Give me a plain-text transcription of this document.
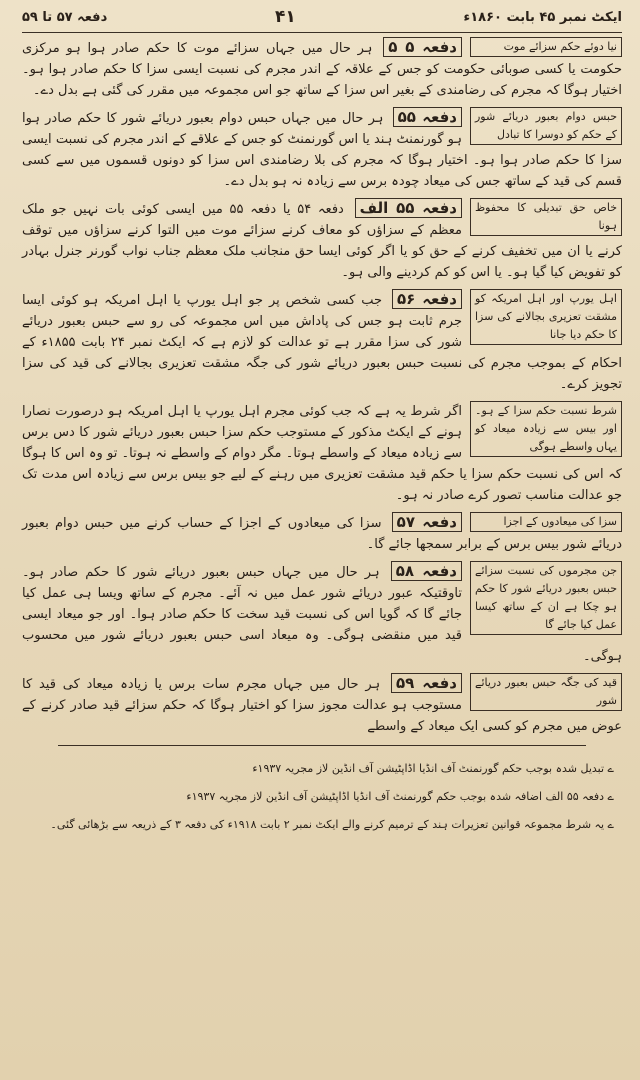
دفعہ ۵۷ تا ۵۹	۴۱	ایکٹ نمبر ۴۵ بابت ۱۸۶۰ء
نیا دوئے حکم سزائے موت
دفعہ ۵ ۵ ہر حال میں جہاں سزائے موت کا حکم صادر ہوا ہو مرکزی حکومت یا کسی صوبائی حکومت کو جس کے علاقہ کے اندر مجرم کی نسبت ایسی سزا کا حکم صادر ہوا ہو۔ اختیار ہوگا کہ مجرم کی رضامندی کے بغیر اس سزا کے ساتھ جو اس مجموعہ میں مقرر کی گئی ہے بدل دے۔
حبس دوام بعبور دریائے شور کے حکم کو دوسرا کا تبادل
دفعہ ۵۵ ہر حال میں جہاں حبس دوام بعبور دریائے شور کا حکم صادر ہوا ہو گورنمنٹ ہند یا اس گورنمنٹ کو جس کے علاقے کے اندر مجرم کی نسبت ایسی سزا کا حکم صادر ہوا ہو۔ اختیار ہوگا کہ مجرم کی بلا رضامندی اس سزا کو دونوں قسموں میں سے کسی قسم کی قید کے ساتھ جس کی میعاد چودہ برس سے زیادہ نہ ہو بدل دے۔
خاص حق تبدیلی کا محفوظ ہونا
دفعہ ۵۵ الف دفعہ ۵۴ یا دفعہ ۵۵ میں ایسی کوئی بات نہیں جو ملک معظم کے سزاؤں کو معاف کرنے سزائے موت میں التوا کرنے سزاؤں میں توقف کرنے یا ان میں تخفیف کرنے کے حق کو یا اگر کوئی ایسا حق منجانب ملک معظم جناب نواب گورنر جنرل بہادر کو تفویض کیا گیا ہو۔ یا اس کو کم کردینے والی ہو۔
اہل یورپ اور اہل امریکہ کو مشقت تعزیری بجالانے کی سزا کا حکم دیا جانا
دفعہ ۵۶ جب کسی شخص پر جو اہل یورپ یا اہل امریکہ ہو کوئی ایسا جرم ثابت ہو جس کی پاداش میں اس مجموعہ کی رو سے حبس بعبور دریائے شور کی سزا مقرر ہے تو عدالت کو لازم ہے کہ ایکٹ نمبر ۲۴ بابت ۱۸۵۵ء کے احکام کے بموجب مجرم کی نسبت حبس بعبور دریائے شور کی جگہ مشقت تعزیری بجالانے کی قید کی سزا تجویز کرے۔
شرط نسبت حکم سزا کے ہو۔ اور بیس سے زیادہ میعاد کو یہاں واسطے ہوگی
اگر شرط یہ ہے کہ جب کوئی مجرم اہل یورپ یا اہل امریکہ ہو درصورت نصارا ہونے کے ایکٹ مذکور کے مستوجب حکم سزا حبس بعبور دریائے شور کا دس برس سے زیادہ میعاد کے واسطے ہوتا۔ مگر دوام کے واسطے نہ ہوتا۔ تو وہ اس کا ہوگا کہ اس کی نسبت حکم سزا یا حکم قید مشقت تعزیری میں رہنے کے لیے جو بیس برس سے زیادہ اس مدت تک جو عدالت مناسب تصور کرے صادر نہ ہو۔
سزا کی میعادوں کے اجزا
دفعہ ۵۷ سزا کی میعادوں کے اجزا کے حساب کرنے میں حبس دوام بعبور دریائے شور بیس برس کے برابر سمجھا جائے گا۔
جن مجرموں کی نسبت سزائے حبس بعبور دریائے شور کا حکم ہو چکا ہے ان کے ساتھ کیسا عمل کیا جائے گا
دفعہ ۵۸ ہر حال میں جہاں حبس بعبور دریائے شور کا حکم صادر ہو۔ تاوقتیکہ عبور دریائے شور عمل میں نہ آئے۔ مجرم کے ساتھ ویسا ہی عمل کیا جائے گا کہ گویا اس کی نسبت قید سخت کا حکم صادر ہوا۔ اور جو میعاد ایسی قید میں منقضی ہوگی۔ وہ میعاد اسی حبس بعبور دریائے شور میں محسوب ہوگی۔
قید کی جگہ حبس بعبور دریائے شور
دفعہ ۵۹ ہر حال میں جہاں مجرم سات برس یا زیادہ میعاد کی قید کا مستوجب ہو عدالت مجوز سزا کو اختیار ہوگا کہ حکم سزائے قید صادر کرنے کے عوض میں مجرم کو کسی ایک میعاد کے واسطے
ے تبدیل شدہ بوجب حکم گورنمنٹ آف انڈیا اڈاپٹیشن آف انڈین لاز مجریہ ۱۹۳۷ء
ے دفعہ ۵۵ الف اضافہ شدہ بوجب حکم گورنمنٹ آف انڈیا اڈاپٹیشن آف انڈین لاز مجریہ ۱۹۳۷ء
ے یہ شرط مجموعہ قوانین تعزیرات ہند کے ترمیم کرنے والے ایکٹ نمبر ۲ بابت ۱۹۱۸ء کی دفعہ ۳ کے ذریعہ سے بڑھائی گئی۔
